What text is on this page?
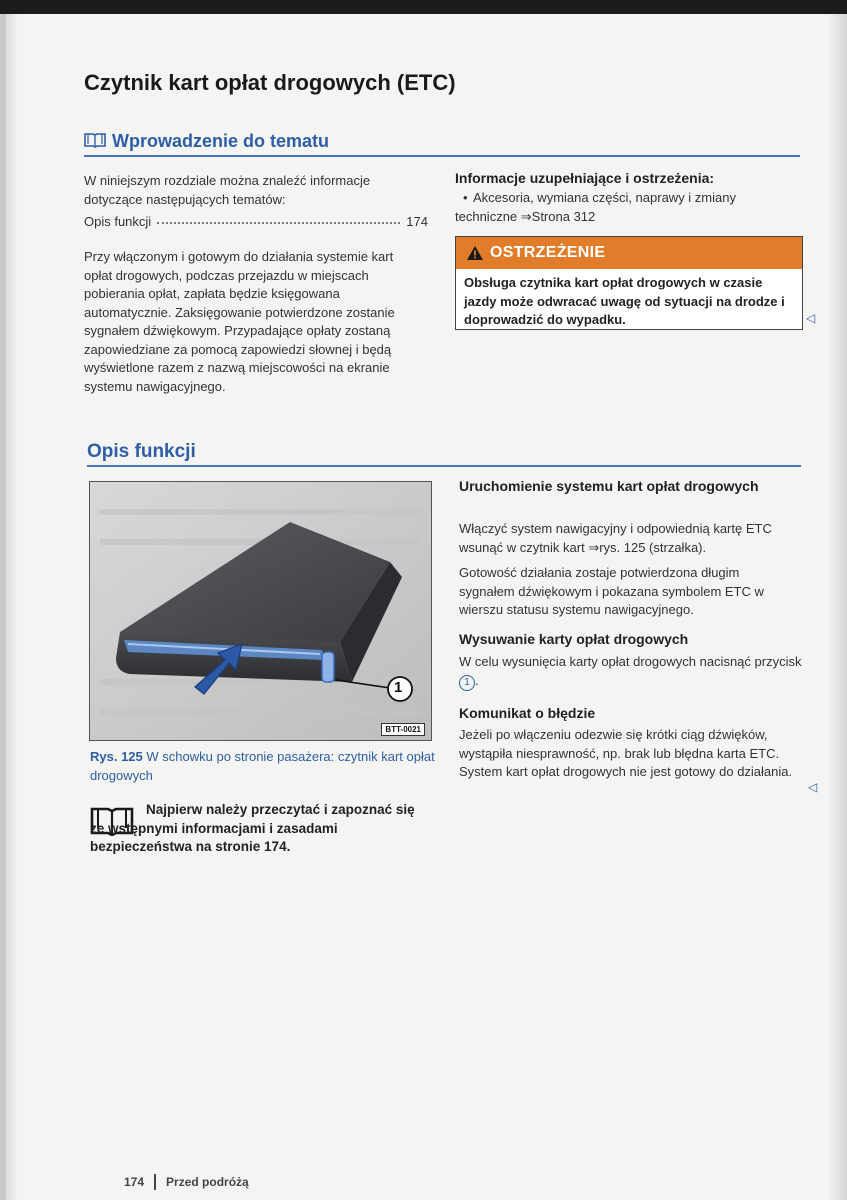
Czytnik kart opłat drogowych (ETC)
Wprowadzenie do tematu

W niniejszym rozdziale można znaleźć informacje dotyczące następujących tematów:

Opis funkcji	174

Przy włączonym i gotowym do działania systemie kart opłat drogowych, podczas przejazdu w miejscach pobierania opłat, zapłata będzie księgowana automatycznie. Zaksięgowanie potwierdzone zostanie sygnałem dźwiękowym. Przypadające opłaty zostaną zapowiedziane za pomocą zapowiedzi słownej i będą wyświetlone razem z nazwą miejscowości na ekranie systemu nawigacyjnego.

Informacje uzupełniające i ostrzeżenia:

• Akcesoria, wymiana części, naprawy i zmiany techniczne ⇒Strona 312
OSTRZEŻENIE
Obsługa czytnika kart opłat drogowych w czasie jazdy może odwracać uwagę od sytuacji na drodze i doprowadzić do wypadku.	◁
Opis funkcji
1
BTT-0021

Rys. 125 W schowku po stronie pasażera: czytnik kart opłat drogowych

Najpierw należy przeczytać i zapoznać się ze wstępnymi informacjami i zasadami bezpieczeństwa na stronie 174.

Uruchomienie systemu kart opłat drogowych

Włączyć system nawigacyjny i odpowiednią kartę ETC wsunąć w czytnik kart ⇒rys. 125 (strzałka).

Gotowość działania zostaje potwierdzona długim sygnałem dźwiękowym i pokazana symbolem ETC w wierszu statusu systemu nawigacyjnego.

Wysuwanie karty opłat drogowych

W celu wysunięcia karty opłat drogowych nacisnąć przycisk 1 .

Komunikat o błędzie

Jeżeli po włączeniu odezwie się krótki ciąg dźwięków, wystąpiła niesprawność, np. brak lub błędna karta ETC. System kart opłat drogowych nie jest gotowy do działania.

◁
174 Przed podróżą
